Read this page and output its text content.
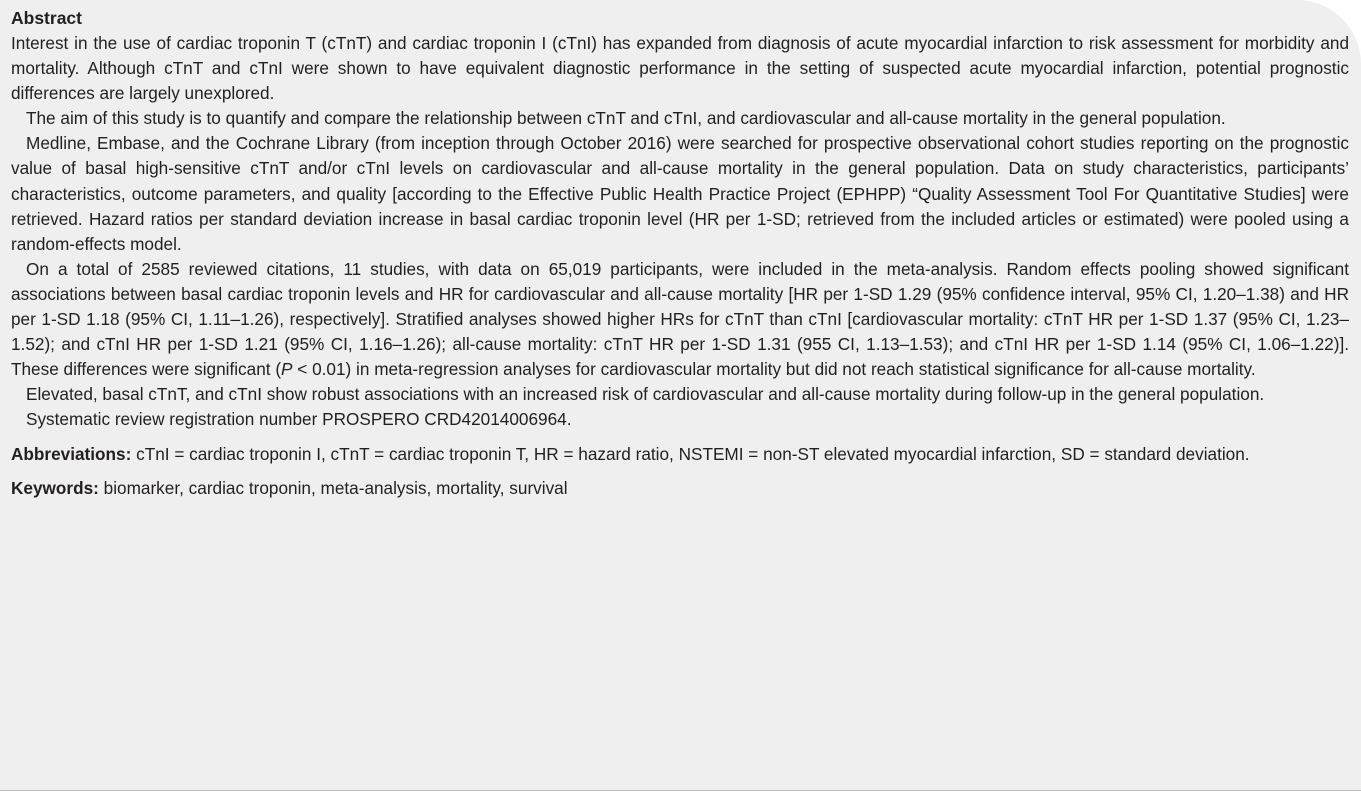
Abstract

Interest in the use of cardiac troponin T (cTnT) and cardiac troponin I (cTnI) has expanded from diagnosis of acute myocardial infarction to risk assessment for morbidity and mortality. Although cTnT and cTnI were shown to have equivalent diagnostic performance in the setting of suspected acute myocardial infarction, potential prognostic differences are largely unexplored.

The aim of this study is to quantify and compare the relationship between cTnT and cTnI, and cardiovascular and all-cause mortality in the general population.

Medline, Embase, and the Cochrane Library (from inception through October 2016) were searched for prospective observational cohort studies reporting on the prognostic value of basal high-sensitive cTnT and/or cTnI levels on cardiovascular and all-cause mortality in the general population. Data on study characteristics, participants’ characteristics, outcome parameters, and quality [according to the Effective Public Health Practice Project (EPHPP) “Quality Assessment Tool For Quantitative Studies] were retrieved. Hazard ratios per standard deviation increase in basal cardiac troponin level (HR per 1-SD; retrieved from the included articles or estimated) were pooled using a random-effects model.

On a total of 2585 reviewed citations, 11 studies, with data on 65,019 participants, were included in the meta-analysis. Random effects pooling showed significant associations between basal cardiac troponin levels and HR for cardiovascular and all-cause mortality [HR per 1-SD 1.29 (95% confidence interval, 95% CI, 1.20–1.38) and HR per 1-SD 1.18 (95% CI, 1.11–1.26), respectively]. Stratified analyses showed higher HRs for cTnT than cTnI [cardiovascular mortality: cTnT HR per 1-SD 1.37 (95% CI, 1.23–1.52); and cTnI HR per 1-SD 1.21 (95% CI, 1.16–1.26); all-cause mortality: cTnT HR per 1-SD 1.31 (955 CI, 1.13–1.53); and cTnI HR per 1-SD 1.14 (95% CI, 1.06–1.22)]. These differences were significant (P < 0.01) in meta-regression analyses for cardiovascular mortality but did not reach statistical significance for all-cause mortality.

Elevated, basal cTnT, and cTnI show robust associations with an increased risk of cardiovascular and all-cause mortality during follow-up in the general population.

Systematic review registration number PROSPERO CRD42014006964.

Abbreviations: cTnI = cardiac troponin I, cTnT = cardiac troponin T, HR = hazard ratio, NSTEMI = non-ST elevated myocardial infarction, SD = standard deviation.

Keywords: biomarker, cardiac troponin, meta-analysis, mortality, survival
